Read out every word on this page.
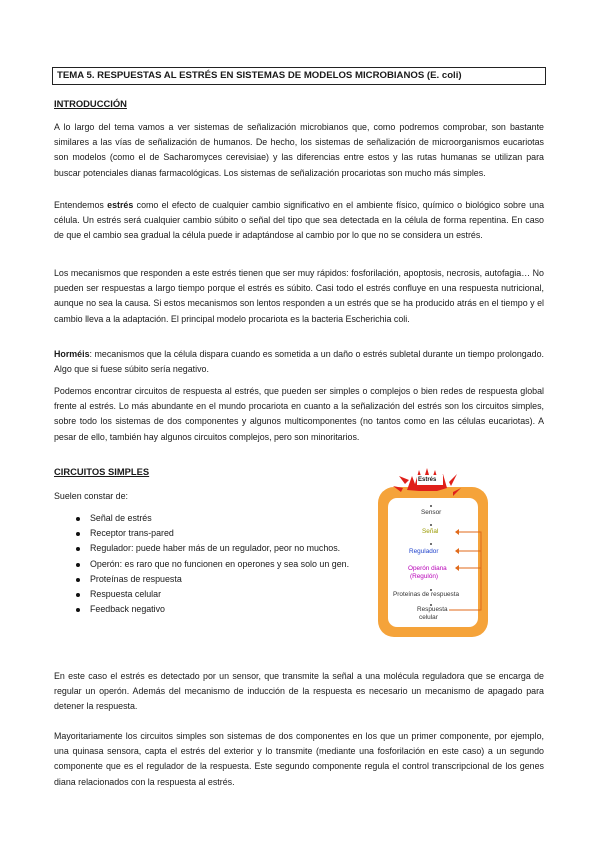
TEMA 5. RESPUESTAS AL ESTRÉS EN SISTEMAS DE MODELOS MICROBIANOS (E. coli)
INTRODUCCIÓN

A lo largo del tema vamos a ver sistemas de señalización microbianos que, como podremos comprobar, son bastante similares a las vías de señalización de humanos. De hecho, los sistemas de señalización de microorganismos eucariotas son modelos (como el de Sacharomyces cerevisiae) y las diferencias entre estos y las rutas humanas se utilizan para buscar potenciales dianas farmacológicas. Los sistemas de señalización procariotas son mucho más simples.

Entendemos estrés como el efecto de cualquier cambio significativo en el ambiente físico, químico o biológico sobre una célula. Un estrés será cualquier cambio súbito o señal del tipo que sea detectada en la célula de forma repentina. En caso de que el cambio sea gradual la célula puede ir adaptándose al cambio por lo que no se considera un estrés.

Los mecanismos que responden a este estrés tienen que ser muy rápidos: fosforilación, apoptosis, necrosis, autofagia… No pueden ser respuestas a largo tiempo porque el estrés es súbito. Casi todo el estrés confluye en una respuesta nutricional, aunque no sea la causa. Si estos mecanismos son lentos responden a un estrés que se ha producido atrás en el tiempo y el cambio lleva a la adaptación. El principal modelo procariota es la bacteria Escherichia coli.

Horméis: mecanismos que la célula dispara cuando es sometida a un daño o estrés subletal durante un tiempo prolongado. Algo que si fuese súbito sería negativo.

Podemos encontrar circuitos de respuesta al estrés, que pueden ser simples o complejos o bien redes de respuesta global frente al estrés. Lo más abundante en el mundo procariota en cuanto a la señalización del estrés son los circuitos simples, sobre todo los sistemas de dos componentes y algunos multicomponentes (no tantos como en las células eucariotas). A pesar de ello, también hay algunos circuitos complejos, pero son minoritarios.

CIRCUITOS SIMPLES
Suelen constar de:
Señal de estrés
Receptor trans-pared
Regulador: puede haber más de un regulador, peor no muchos.
Operón: es raro que no funcionen en operones y sea solo un gen.
Proteínas de respuesta
Respuesta celular
Feedback negativo
Estrés
Sensor
Señal
Regulador
Operón diana
(Regulón)
Proteínas de respuesta
Respuesta
celular

En este caso el estrés es detectado por un sensor, que transmite la señal a una molécula reguladora que se encarga de regular un operón. Además del mecanismo de inducción de la respuesta es necesario un mecanismo de apagado para detener la respuesta.

Mayoritariamente los circuitos simples son sistemas de dos componentes en los que un primer componente, por ejemplo, una quinasa sensora, capta el estrés del exterior y lo transmite (mediante una fosforilación en este caso) a un segundo componente que es el regulador de la respuesta. Este segundo componente regula el control transcripcional de los genes diana relacionados con la respuesta al estrés.
